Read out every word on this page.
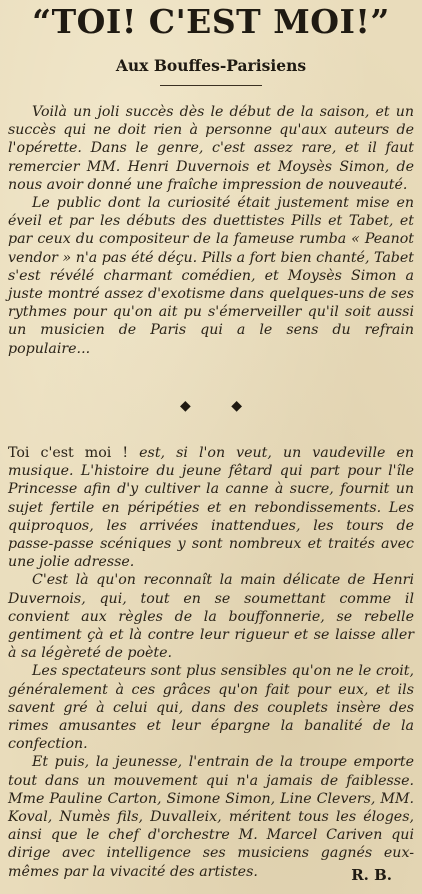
“TOI! C'EST MOI!”
Aux Bouffes-Parisiens

Voilà un joli succès dès le début de la saison, et un succès qui ne doit rien à personne qu'aux auteurs de l'opérette. Dans le genre, c'est assez rare, et il faut remercier MM. Henri Duvernois et Moysès Simon, de nous avoir donné une fraîche impression de nouveauté.

Le public dont la curiosité était justement mise en éveil et par les débuts des duettistes Pills et Tabet, et par ceux du compositeur de la fameuse rumba « Peanot vendor » n'a pas été déçu. Pills a fort bien chanté, Tabet s'est révélé charmant comédien, et Moysès Simon a juste montré assez d'exotisme dans quelques-uns de ses rythmes pour qu'on ait pu s'émerveiller qu'il soit aussi un musicien de Paris qui a le sens du refrain populaire...

◆ ◆

Toi c'est moi ! est, si l'on veut, un vaudeville en musique. L'histoire du jeune fêtard qui part pour l'île Princesse afin d'y cultiver la canne à sucre, fournit un sujet fertile en péripéties et en rebondissements. Les quiproquos, les arrivées inattendues, les tours de passe-passe scéniques y sont nombreux et traités avec une jolie adresse.

C'est là qu'on reconnaît la main délicate de Henri Duvernois, qui, tout en se soumettant comme il convient aux règles de la bouffonnerie, se rebelle gentiment çà et là contre leur rigueur et se laisse aller à sa légèreté de poète.

Les spectateurs sont plus sensibles qu'on ne le croit, généralement à ces grâces qu'on fait pour eux, et ils savent gré à celui qui, dans des couplets insère des rimes amusantes et leur épargne la banalité de la confection.

Et puis, la jeunesse, l'entrain de la troupe emporte tout dans un mouvement qui n'a jamais de faiblesse. Mme Pauline Carton, Simone Simon, Line Clevers, MM. Koval, Numès fils, Duvalleix, méritent tous les éloges, ainsi que le chef d'orchestre M. Marcel Cariven qui dirige avec intelligence ses musiciens gagnés eux-mêmes par la vivacité des artistes.	R. B.
